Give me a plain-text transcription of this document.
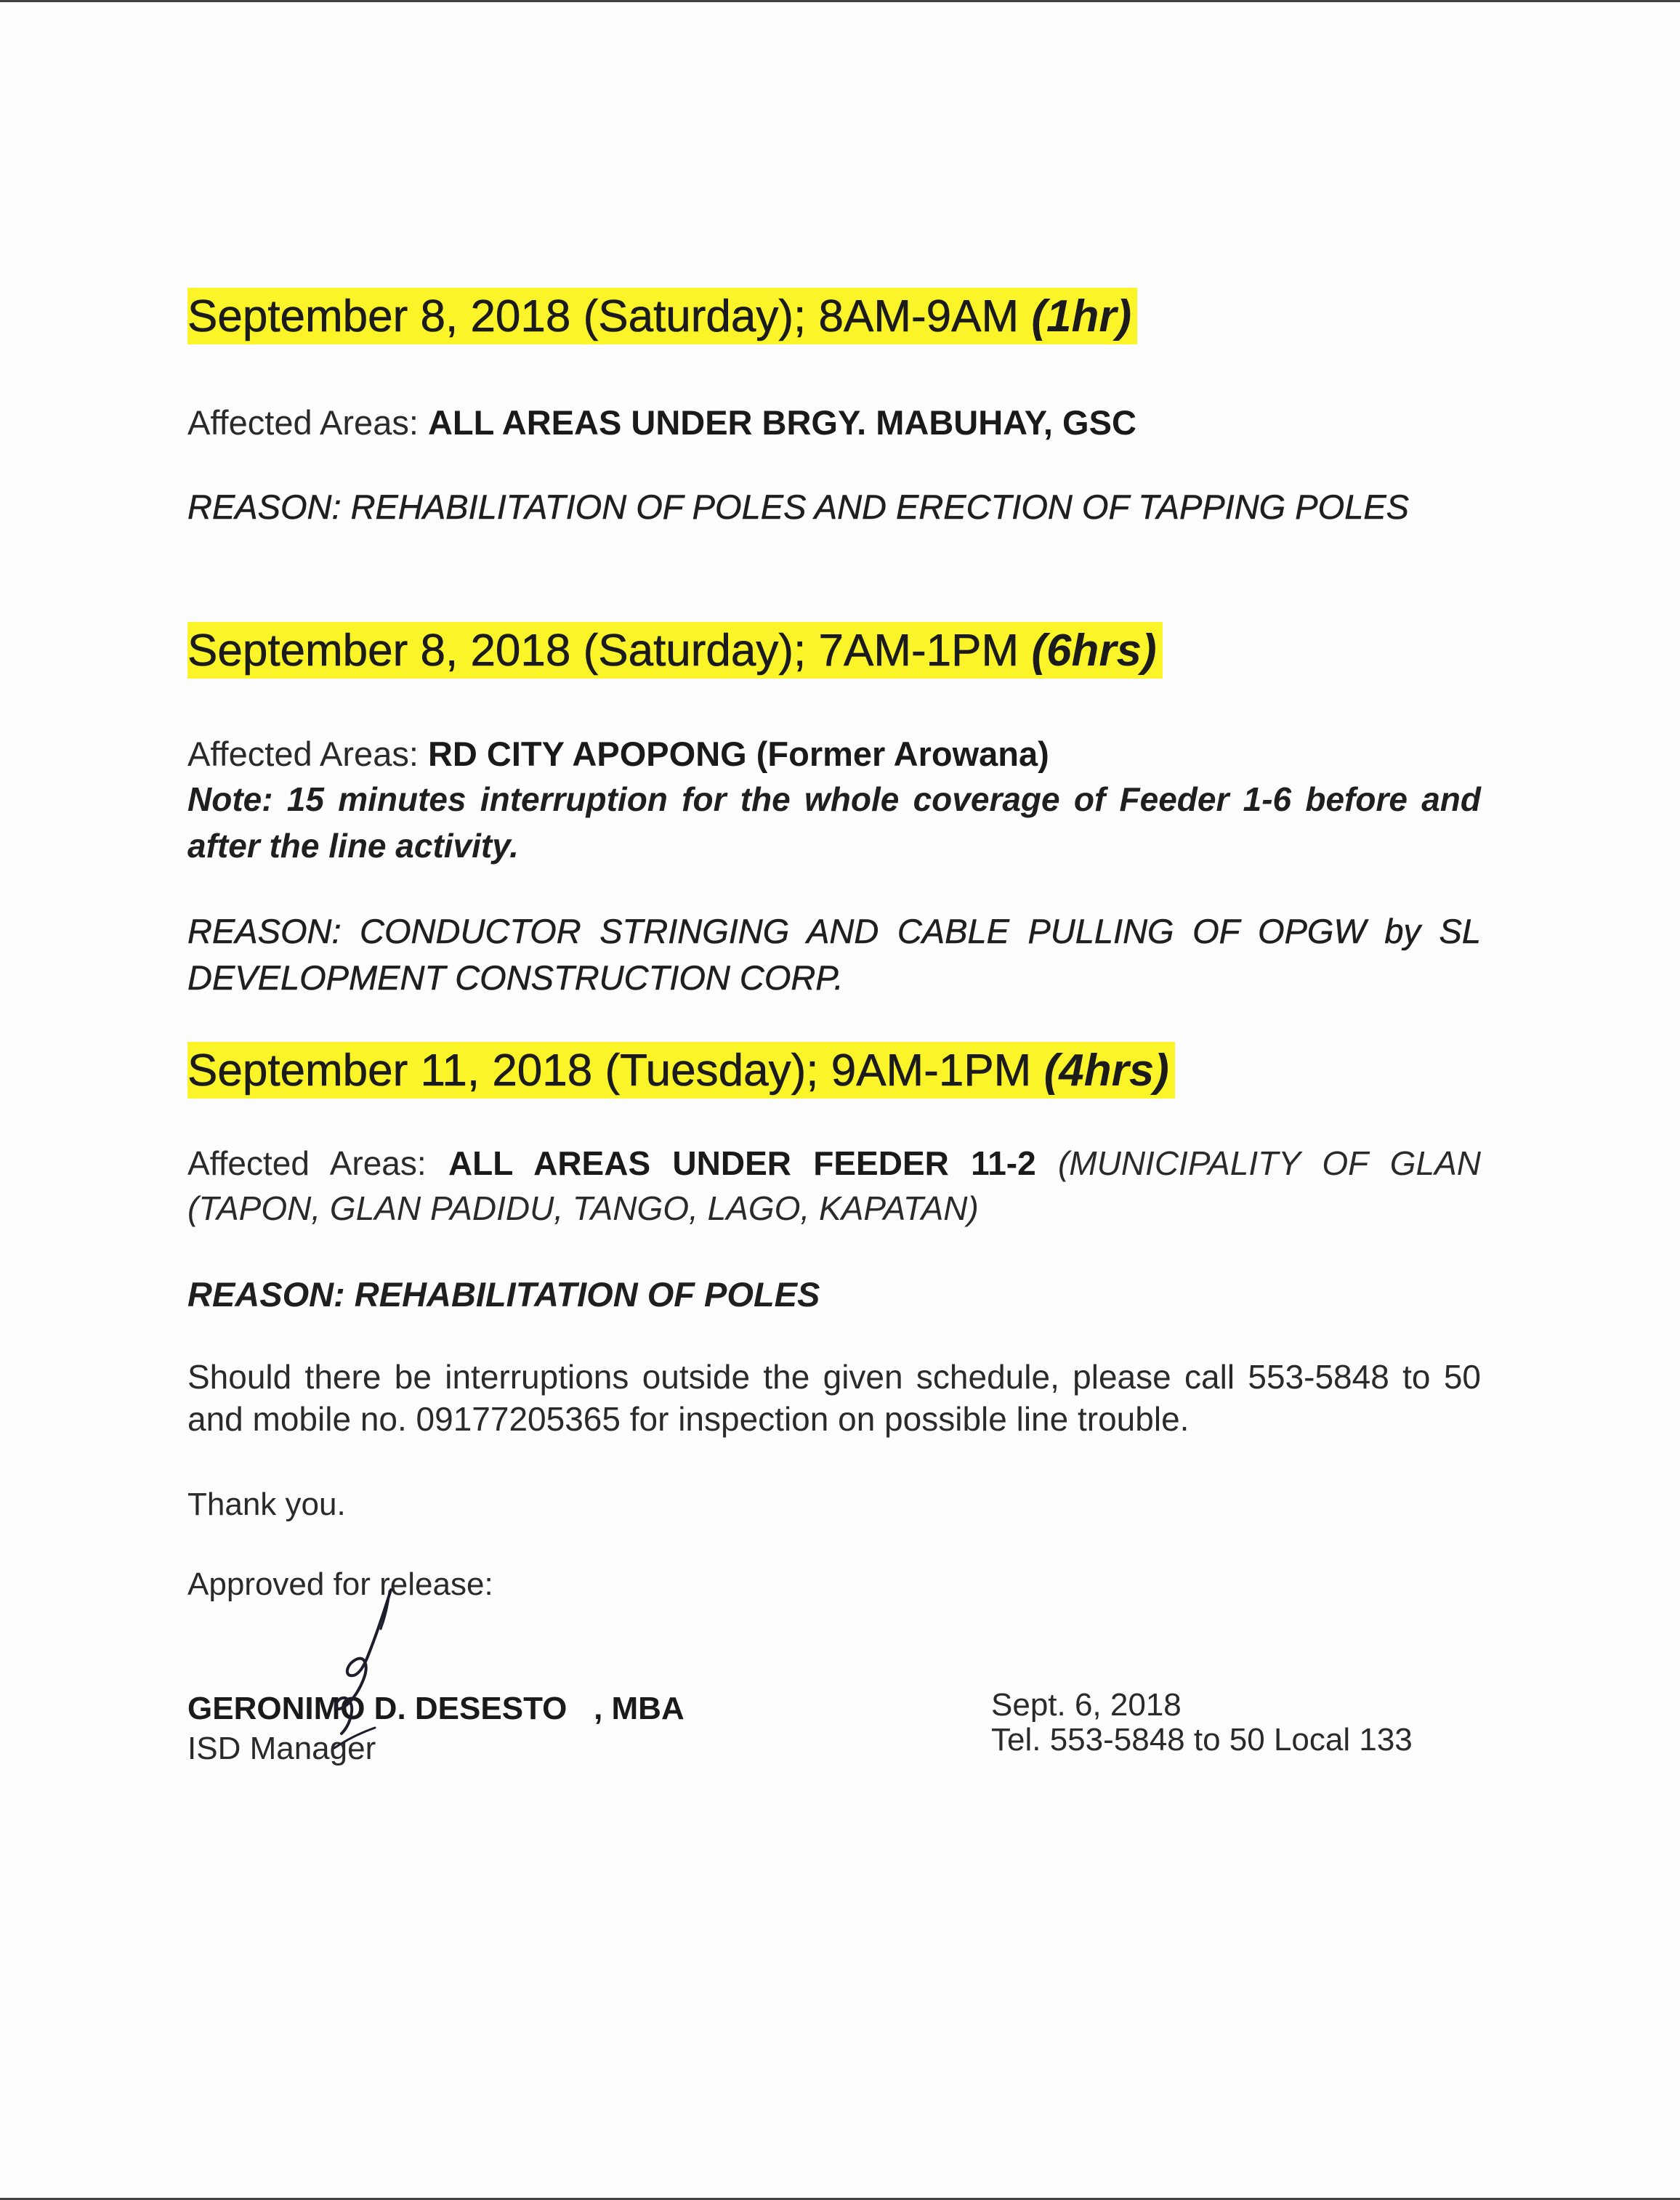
September 8, 2018 (Saturday); 8AM-9AM (1hr)

Affected Areas: ALL AREAS UNDER BRGY. MABUHAY, GSC

REASON: REHABILITATION OF POLES AND ERECTION OF TAPPING POLES

September 8, 2018 (Saturday); 7AM-1PM (6hrs)

Affected Areas: RD CITY APOPONG (Former Arowana)

Note: 15 minutes interruption for the whole coverage of Feeder 1-6 before and after the line activity.

REASON: CONDUCTOR STRINGING AND CABLE PULLING OF OPGW by SL DEVELOPMENT CONSTRUCTION CORP.

September 11, 2018 (Tuesday); 9AM-1PM (4hrs)

Affected Areas: ALL AREAS UNDER FEEDER 11-2 (MUNICIPALITY OF GLAN (TAPON, GLAN PADIDU, TANGO, LAGO, KAPATAN)

REASON: REHABILITATION OF POLES

Should there be interruptions outside the given schedule, please call 553-5848 to 50 and mobile no. 09177205365 for inspection on possible line trouble.

Thank you.

Approved for release:

GERONIMO D. DESESTO , MBA

ISD Manager

Sept. 6, 2018

Tel. 553-5848 to 50 Local 133
